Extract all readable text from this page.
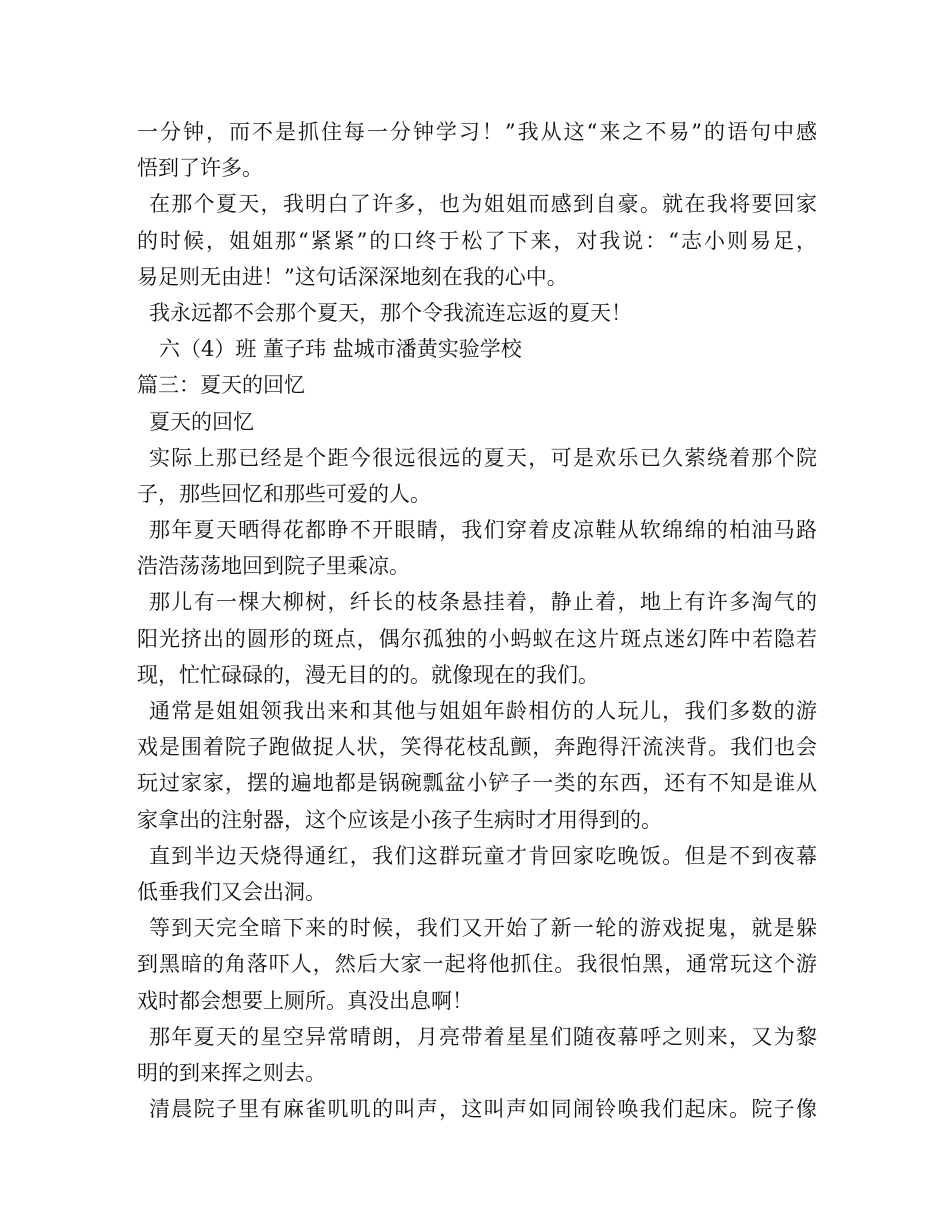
一分钟，而不是抓住每一分钟学习！”我从这“来之不易”的语句中感
悟到了许多。
在那个夏天，我明白了许多，也为姐姐而感到自豪。就在我将要回家
的时候，姐姐那“紧紧”的口终于松了下来，对我说：“志小则易足，
易足则无由进！”这句话深深地刻在我的心中。
我永远都不会那个夏天，那个令我流连忘返的夏天！
六（4）班 董子玮 盐城市潘黄实验学校
篇三：夏天的回忆
夏天的回忆
实际上那已经是个距今很远很远的夏天，可是欢乐已久萦绕着那个院
子，那些回忆和那些可爱的人。
那年夏天晒得花都睁不开眼睛，我们穿着皮凉鞋从软绵绵的柏油马路
浩浩荡荡地回到院子里乘凉。
那儿有一棵大柳树，纤长的枝条悬挂着，静止着，地上有许多淘气的
阳光挤出的圆形的斑点，偶尔孤独的小蚂蚁在这片斑点迷幻阵中若隐若
现，忙忙碌碌的，漫无目的的。就像现在的我们。
通常是姐姐领我出来和其他与姐姐年龄相仿的人玩儿，我们多数的游
戏是围着院子跑做捉人状，笑得花枝乱颤，奔跑得汗流浃背。我们也会
玩过家家，摆的遍地都是锅碗瓢盆小铲子一类的东西，还有不知是谁从
家拿出的注射器，这个应该是小孩子生病时才用得到的。
直到半边天烧得通红，我们这群玩童才肯回家吃晚饭。但是不到夜幕
低垂我们又会出洞。
等到天完全暗下来的时候，我们又开始了新一轮的游戏捉鬼，就是躲
到黑暗的角落吓人，然后大家一起将他抓住。我很怕黑，通常玩这个游
戏时都会想要上厕所。真没出息啊！
那年夏天的星空异常晴朗，月亮带着星星们随夜幕呼之则来，又为黎
明的到来挥之则去。
清晨院子里有麻雀叽叽的叫声，这叫声如同闹铃唤我们起床。院子像
